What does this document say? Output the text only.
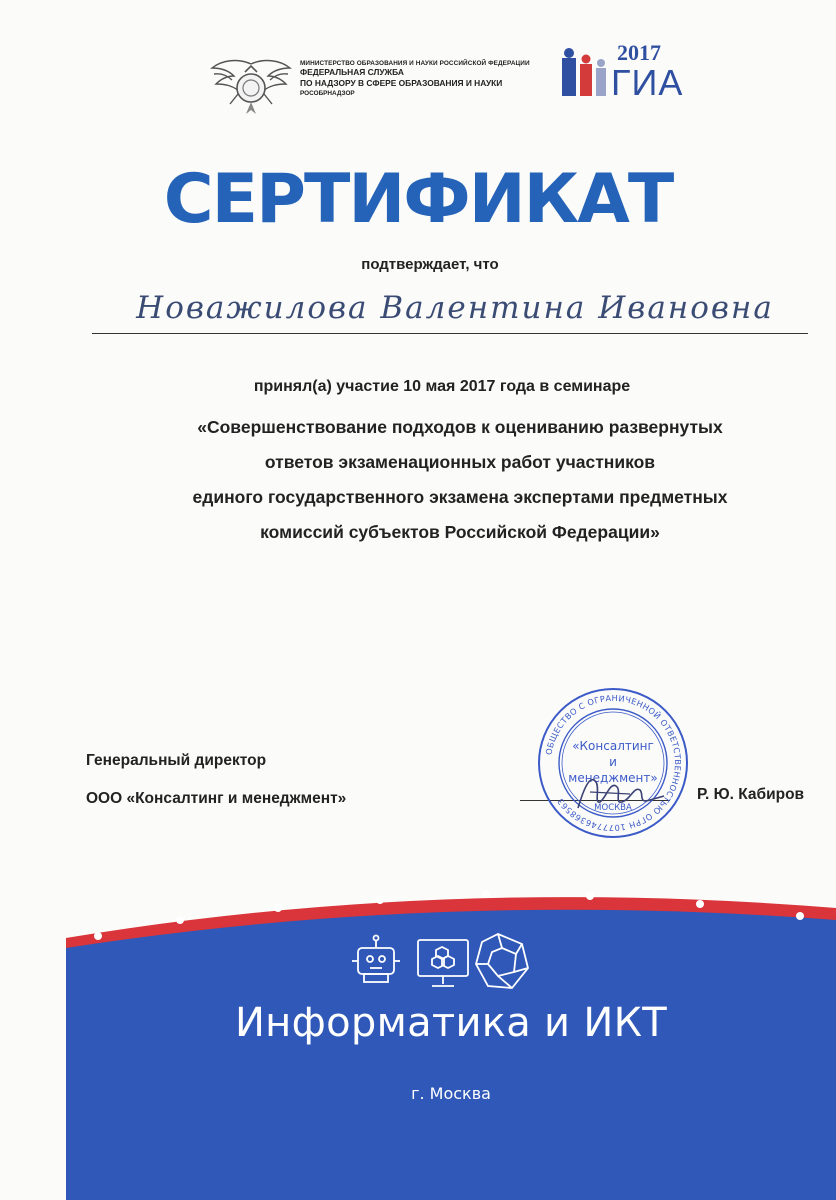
МИНИСТЕРСТВО ОБРАЗОВАНИЯ И НАУКИ РОССИЙСКОЙ ФЕДЕРАЦИИ
ФЕДЕРАЛЬНАЯ СЛУЖБА
ПО НАДЗОРУ В СФЕРЕ ОБРАЗОВАНИЯ И НАУКИ
РОСОБРНАДЗОР
2017
ГИА
СЕРТИФИКАТ
подтверждает, что
Новажилова Валентина Ивановна
принял(а) участие 10 мая 2017 года в семинаре
«Совершенствование подходов к оцениванию развернутых
ответов экзаменационных работ участников
единого государственного экзамена экспертами предметных
комиссий субъектов Российской Федерации»
Генеральный директор
ООО «Консалтинг и менеджмент»
ОБЩЕСТВО С ОГРАНИЧЕННОЙ ОТВЕТСТВЕННОСТЬЮ ОГРН 1077746368563
«Консалтинг
и
менеджмент»
МОСКВА
Р. Ю. Кабиров
Информатика и ИКТ
г. Москва
